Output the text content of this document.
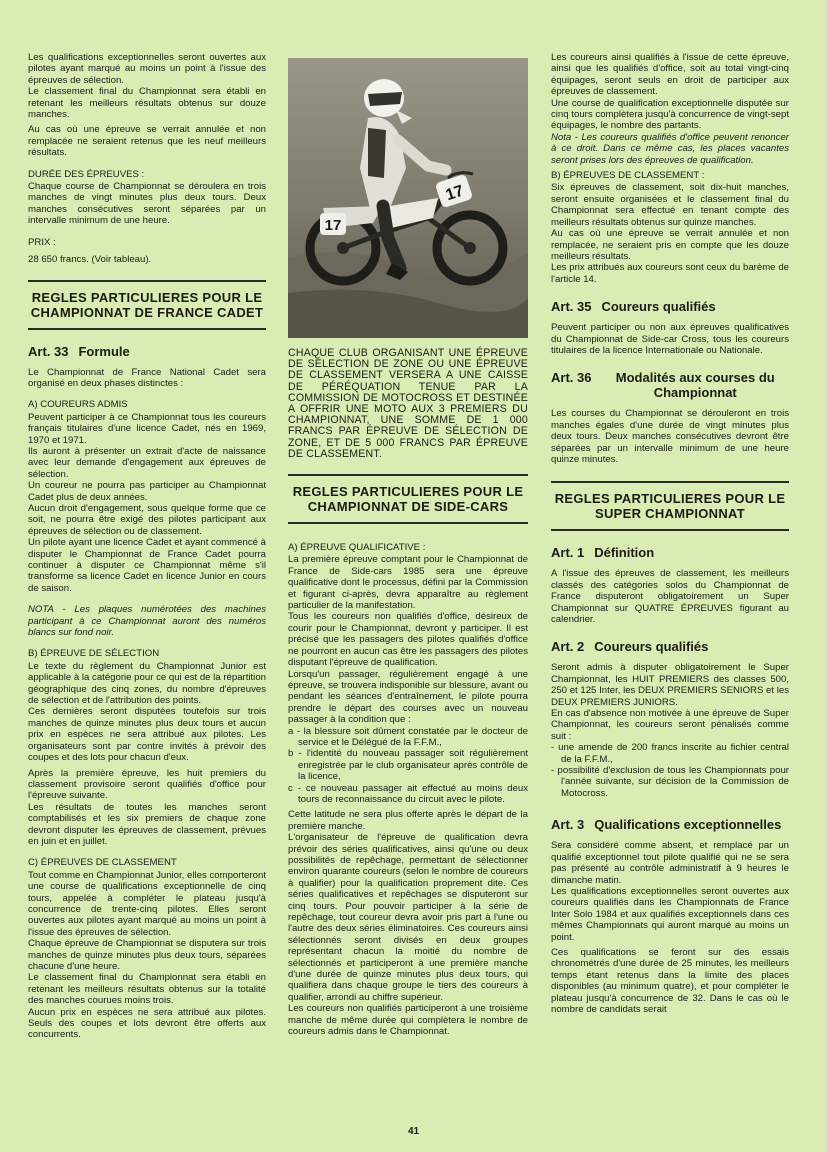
Les qualifications exceptionnelles seront ouvertes aux pilotes ayant marqué au moins un point à l'issue des épreuves de sélection.

Le classement final du Championnat sera établi en retenant les meilleurs résultats obtenus sur douze manches.

Au cas où une épreuve se verrait annulée et non remplacée ne seraient retenus que les neuf meilleurs résultats.

DURÉE DES ÉPREUVES :

Chaque course de Championnat se déroulera en trois manches de vingt minutes plus deux tours. Deux manches consécutives seront séparées par un intervalle minimum de une heure.

PRIX :

28 650 francs. (Voir tableau).

REGLES PARTICULIERES POUR LE CHAMPIONNAT DE FRANCE CADET
Art. 33 Formule

Le Championnat de France National Cadet sera organisé en deux phases distinctes :

A) COUREURS ADMIS

Peuvent participer à ce Championnat tous les coureurs français titulaires d'une licence Cadet, nés en 1969, 1970 et 1971.

Ils auront à présenter un extrait d'acte de naissance avec leur demande d'engagement aux épreuves de sélection.

Un coureur ne pourra pas participer au Championnat Cadet plus de deux années.

Aucun droit d'engagement, sous quelque forme que ce soit, ne pourra être exigé des pilotes participant aux épreuves de sélection ou de classement.

Un pilote ayant une licence Cadet et ayant commencé à disputer le Championnat de France Cadet pourra continuer à disputer ce Championnat même s'il transforme sa licence Cadet en licence Junior en cours de saison.

NOTA - Les plaques numérotées des machines participant à ce Championnat auront des numéros blancs sur fond noir.

B) ÉPREUVE DE SÉLECTION

Le texte du règlement du Championnat Junior est applicable à la catégorie pour ce qui est de la répartition géographique des cinq zones, du nombre d'épreuves de sélection et de l'attribution des points.

Ces dernières seront disputées toutefois sur trois manches de quinze minutes plus deux tours et aucun prix en espèces ne sera attribué aux pilotes. Les organisateurs sont par contre invités à prévoir des coupes et des lots pour chacun d'eux.

Après la première épreuve, les huit premiers du classement provisoire seront qualifiés d'office pour l'épreuve suivante.

Les résultats de toutes les manches seront comptabilisés et les six premiers de chaque zone devront disputer les épreuves de classement, prévues en juin et en juillet.

C) ÉPREUVES DE CLASSEMENT

Tout comme en Championnat Junior, elles comporteront une course de qualifications exceptionnelle de cinq tours, appelée à compléter le plateau jusqu'à concurrence de trente-cinq pilotes. Elles seront ouvertes aux pilotes ayant marqué au moins un point à l'issue des épreuves de sélection.

Chaque épreuve de Championnat se disputera sur trois manches de quinze minutes plus deux tours, séparées chacune d'une heure.

Le classement final du Championnat sera établi en retenant les meilleurs résultats obtenus sur la totalité des manches courues moins trois.

Aucun prix en espèces ne sera attribué aux pilotes. Seuls des coupes et lots devront être offerts aux concurrents.

17
17

CHAQUE CLUB ORGANISANT UNE ÉPREUVE DE SÉLECTION DE ZONE OU UNE ÉPREUVE DE CLASSEMENT VERSERA A UNE CAISSE DE PÉRÉQUATION TENUE PAR LA COMMISSION DE MOTOCROSS ET DESTINÉE A OFFRIR UNE MOTO AUX 3 PREMIERS DU CHAMPIONNAT, UNE SOMME DE 1 000 FRANCS PAR ÉPREUVE DE SÉLECTION DE ZONE, ET DE 5 000 FRANCS PAR ÉPREUVE DE CLASSEMENT.

REGLES PARTICULIERES POUR LE CHAMPIONNAT DE SIDE-CARS
A) ÉPREUVE QUALIFICATIVE :

La première épreuve comptant pour le Championnat de France de Side-cars 1985 sera une épreuve qualificative dont le processus, défini par la Commission et figurant ci-après, devra apparaître au règlement particulier de la manifestation.

Tous les coureurs non qualifiés d'office, désireux de courir pour le Championnat, devront y participer. Il est précisé que les passagers des pilotes qualifiés d'office ne pourront en aucun cas être les passagers des pilotes disputant l'épreuve de qualification.

Lorsqu'un passager, régulièrement engagé à une épreuve, se trouvera indisponible sur blessure, avant ou pendant les séances d'entraînement, le pilote pourra prendre le départ des courses avec un nouveau passager à la condition que :

a - la blessure soit dûment constatée par le docteur de service et le Délégué de la F.F.M.,
b - l'identité du nouveau passager soit régulièrement enregistrée par le club organisateur après contrôle de la licence,
c - ce nouveau passager ait effectué au moins deux tours de reconnaissance du circuit avec le pilote.

Cette latitude ne sera plus offerte après le départ de la première manche.

L'organisateur de l'épreuve de qualification devra prévoir des séries qualificatives, ainsi qu'une ou deux possibilités de repêchage, permettant de sélectionner environ quarante coureurs (selon le nombre de coureurs à qualifier) pour la qualification proprement dite. Ces séries qualificatives et repêchages se disputeront sur cinq tours. Pour pouvoir participer à la série de repêchage, tout coureur devra avoir pris part à l'une ou l'autre des deux séries éliminatoires. Ces coureurs ainsi sélectionnés seront divisés en deux groupes représentant chacun la moitié du nombre de sélectionnés et participeront à une première manche d'une durée de quinze minutes plus deux tours, qui qualifiera dans chaque groupe le tiers des coureurs à qualifier, arrondi au chiffre supérieur.

Les coureurs non qualifiés participeront à une troisième manche de même durée qui complètera le nombre de coureurs admis dans le Championnat.

Les coureurs ainsi qualifiés à l'issue de cette épreuve, ainsi que les qualifiés d'office, soit au total vingt-cinq équipages, seront seuls en droit de participer aux épreuves de classement.

Une course de qualification exceptionnelle disputée sur cinq tours complètera jusqu'à concurrence de vingt-sept équipages, le nombre des partants.

Nota - Les coureurs qualifiés d'office peuvent renoncer à ce droit. Dans ce même cas, les places vacantes seront prises lors des épreuves de qualification.

B) ÉPREUVES DE CLASSEMENT :

Six épreuves de classement, soit dix-huit manches, seront ensuite organisées et le classement final du Championnat sera effectué en tenant compte des meilleurs résultats obtenus sur quinze manches.

Au cas où une épreuve se verrait annulée et non remplacée, ne seraient pris en compte que les douze meilleurs résultats.

Les prix attribués aux coureurs sont ceux du barème de l'article 14.

Art. 35 Coureurs qualifiés

Peuvent participer ou non aux épreuves qualificatives du Championnat de Side-car Cross, tous les coureurs titulaires de la licence Internationale ou Nationale.

Art. 36	Modalités aux courses du Championnat

Les courses du Championnat se dérouleront en trois manches égales d'une durée de vingt minutes plus deux tours. Deux manches consécutives devront être séparées par un intervalle minimum de une heure quinze minutes.

REGLES PARTICULIERES POUR LE SUPER CHAMPIONNAT
Art. 1 Définition

A l'issue des épreuves de classement, les meilleurs classés des catégories solos du Championnat de France disputeront obligatoirement un Super Championnat sur QUATRE ÉPREUVES figurant au calendrier.

Art. 2 Coureurs qualifiés

Seront admis à disputer obligatoirement le Super Championnat, les HUIT PREMIERS des classes 500, 250 et 125 Inter, les DEUX PREMIERS SENIORS et les DEUX PREMIERS JUNIORS.

En cas d'absence non motivée à une épreuve de Super Championnat, les coureurs seront pénalisés comme suit :

- une amende de 200 francs inscrite au fichier central de la F.F.M.,
- possibilité d'exclusion de tous les Championnats pour l'année suivante, sur décision de la Commission de Motocross.
Art. 3 Qualifications exceptionnelles

Sera considéré comme absent, et remplacé par un qualifié exceptionnel tout pilote qualifié qui ne se sera pas présenté au contrôle administratif à 9 heures le dimanche matin.

Les qualifications exceptionnelles seront ouvertes aux coureurs qualifiés dans les Championnats de France Inter Solo 1984 et aux qualifiés exceptionnels dans ces mêmes Championnats qui auront marqué au moins un point.

Ces qualifications se feront sur des essais chronométrés d'une durée de 25 minutes, les meilleurs temps étant retenus dans la limite des places disponibles (au minimum quatre), et pour compléter le plateau jusqu'à concurrence de 32. Dans le cas où le nombre de candidats serait

41
